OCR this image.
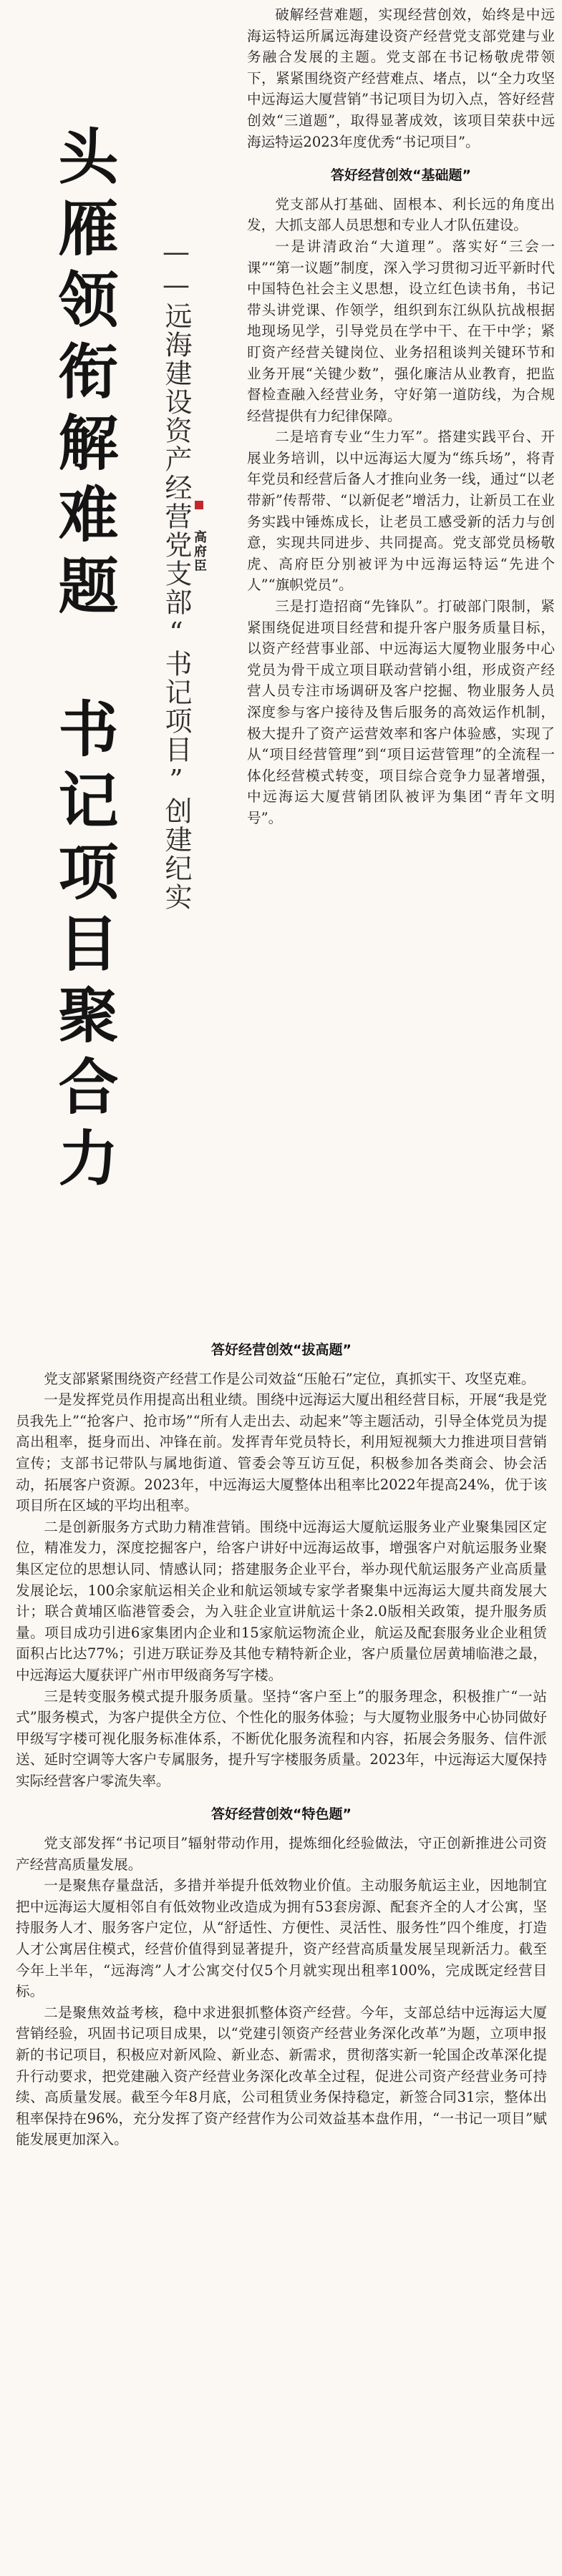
头雁领衔解难题　书记项目聚合力	——远海建设资产经营党支部“书记项目”创建纪实 高府臣

破解经营难题，实现经营创效，始终是中远海运特运所属远海建设资产经营党支部党建与业务融合发展的主题。党支部在书记杨敬虎带领下，紧紧围绕资产经营难点、堵点，以“全力攻坚中远海运大厦营销”书记项目为切入点，答好经营创效“三道题”，取得显著成效，该项目荣获中远海运特运2023年度优秀“书记项目”。

答好经营创效“基础题”

党支部从打基础、固根本、利长远的角度出发，大抓支部人员思想和专业人才队伍建设。

一是讲清政治“大道理”。落实好“三会一课”“第一议题”制度，深入学习贯彻习近平新时代中国特色社会主义思想，设立红色读书角，书记带头讲党课、作领学，组织到东江纵队抗战根据地现场见学，引导党员在学中干、在干中学；紧盯资产经营关键岗位、业务招租谈判关键环节和业务开展“关键少数”，强化廉洁从业教育，把监督检查融入经营业务，守好第一道防线，为合规经营提供有力纪律保障。

二是培育专业“生力军”。搭建实践平台、开展业务培训，以中远海运大厦为“练兵场”，将青年党员和经营后备人才推向业务一线，通过“以老带新”传帮带、“以新促老”增活力，让新员工在业务实践中锤炼成长，让老员工感受新的活力与创意，实现共同进步、共同提高。党支部党员杨敬虎、高府臣分别被评为中远海运特运“先进个人”“旗帜党员”。

三是打造招商“先锋队”。打破部门限制，紧紧围绕促进项目经营和提升客户服务质量目标，以资产经营事业部、中远海运大厦物业服务中心党员为骨干成立项目联动营销小组，形成资产经营人员专注市场调研及客户挖掘、物业服务人员深度参与客户接待及售后服务的高效运作机制，极大提升了资产运营效率和客户体验感，实现了从“项目经营管理”到“项目运营管理”的全流程一体化经营模式转变，项目综合竞争力显著增强，中远海运大厦营销团队被评为集团“青年文明号”。

答好经营创效“拔高题”

党支部紧紧围绕资产经营工作是公司效益“压舱石”定位，真抓实干、攻坚克难。

一是发挥党员作用提高出租业绩。围绕中远海运大厦出租经营目标，开展“我是党员我先上”“抢客户、抢市场”“所有人走出去、动起来”等主题活动，引导全体党员为提高出租率，挺身而出、冲锋在前。发挥青年党员特长，利用短视频大力推进项目营销宣传；支部书记带队与属地街道、管委会等互访互促，积极参加各类商会、协会活动，拓展客户资源。2023年，中远海运大厦整体出租率比2022年提高24%，优于该项目所在区域的平均出租率。

二是创新服务方式助力精准营销。围绕中远海运大厦航运服务业产业聚集园区定位，精准发力，深度挖掘客户，给客户讲好中远海运故事，增强客户对航运服务业聚集区定位的思想认同、情感认同；搭建服务企业平台，举办现代航运服务产业高质量发展论坛，100余家航运相关企业和航运领域专家学者聚集中远海运大厦共商发展大计；联合黄埔区临港管委会，为入驻企业宣讲航运十条2.0版相关政策，提升服务质量。项目成功引进6家集团内企业和15家航运物流企业，航运及配套服务业企业租赁面积占比达77%；引进万联证券及其他专精特新企业，客户质量位居黄埔临港之最，中远海运大厦获评广州市甲级商务写字楼。

三是转变服务模式提升服务质量。坚持“客户至上”的服务理念，积极推广“一站式”服务模式，为客户提供全方位、个性化的服务体验；与大厦物业服务中心协同做好甲级写字楼可视化服务标准体系，不断优化服务流程和内容，拓展会务服务、信件派送、延时空调等大客户专属服务，提升写字楼服务质量。2023年，中远海运大厦保持实际经营客户零流失率。

答好经营创效“特色题”

党支部发挥“书记项目”辐射带动作用，提炼细化经验做法，守正创新推进公司资产经营高质量发展。

一是聚焦存量盘活，多措并举提升低效物业价值。主动服务航运主业，因地制宜把中远海运大厦相邻自有低效物业改造成为拥有53套房源、配套齐全的人才公寓，坚持服务人才、服务客户定位，从“舒适性、方便性、灵活性、服务性”四个维度，打造人才公寓居住模式，经营价值得到显著提升，资产经营高质量发展呈现新活力。截至今年上半年，“远海湾”人才公寓交付仅5个月就实现出租率100%，完成既定经营目标。

二是聚焦效益考核，稳中求进狠抓整体资产经营。今年，支部总结中远海运大厦营销经验，巩固书记项目成果，以“党建引领资产经营业务深化改革”为题，立项申报新的书记项目，积极应对新风险、新业态、新需求，贯彻落实新一轮国企改革深化提升行动要求，把党建融入资产经营业务深化改革全过程，促进公司资产经营业务可持续、高质量发展。截至今年8月底，公司租赁业务保持稳定，新签合同31宗，整体出租率保持在96%，充分发挥了资产经营作为公司效益基本盘作用，“一书记一项目”赋能发展更加深入。
